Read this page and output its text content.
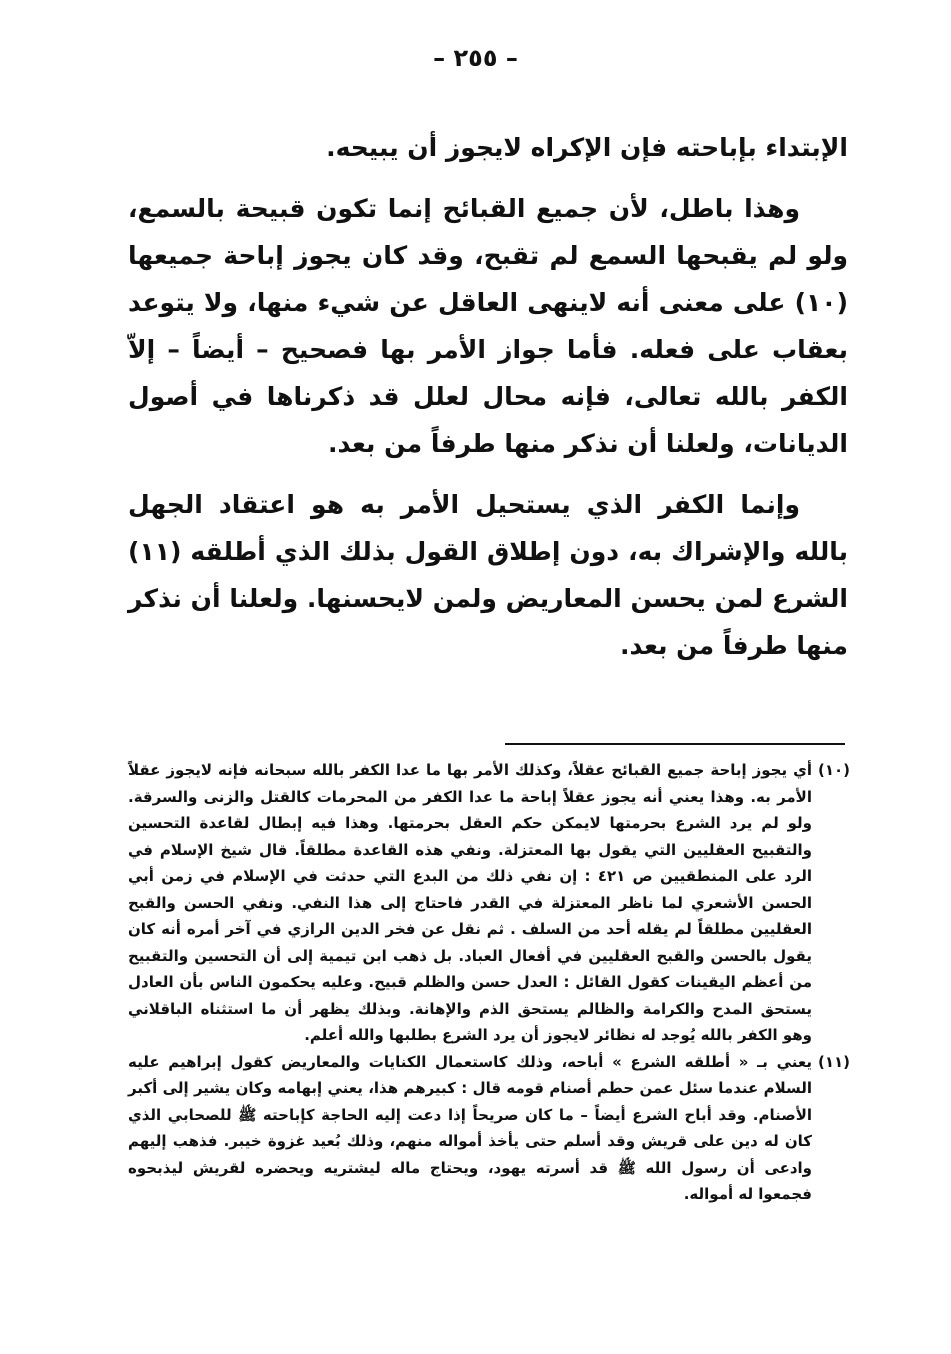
– ٢٥٥ –

الإبتداء بإباحته فإن الإكراه لايجوز أن يبيحه.

وهذا باطل، لأن جميع القبائح إنما تكون قبيحة بالسمع، ولو لم يقبحها السمع لم تقبح، وقد كان يجوز إباحة جميعها (١٠) على معنى أنه لاينهى العاقل عن شيء منها، ولا يتوعد بعقاب على فعله. فأما جواز الأمر بها فصحيح – أيضاً – إلاّ الكفر بالله تعالى، فإنه محال لعلل قد ذكرناها في أصول الديانات، ولعلنا أن نذكر منها طرفاً من بعد.

وإنما الكفر الذي يستحيل الأمر به هو اعتقاد الجهل بالله والإشراك به، دون إطلاق القول بذلك الذي أطلقه (١١) الشرع لمن يحسن المعاريض ولمن لايحسنها. ولعلنا أن نذكر منها طرفاً من بعد.

(١٠)
أي يجوز إباحة جميع القبائح عقلاً، وكذلك الأمر بها ما عدا الكفر بالله سبحانه فإنه لايجوز عقلاً الأمر به. وهذا يعني أنه يجوز عقلاً إباحة ما عدا الكفر من المحرمات كالقتل والزنى والسرقة. ولو لم يرد الشرع بحرمتها لايمكن حكم العقل بحرمتها. وهذا فيه إبطال لقاعدة التحسين والتقبيح العقليين التي يقول بها المعتزلة. ونفي هذه القاعدة مطلقاً. قال شيخ الإسلام في الرد على المنطقيين ص ٤٢١ : إن نفي ذلك من البدع التي حدثت في الإسلام في زمن أبي الحسن الأشعري لما ناظر المعتزلة في القدر فاحتاج إلى هذا النفي. ونفي الحسن والقبح العقليين مطلقاً لم يقله أحد من السلف . ثم نقل عن فخر الدين الرازي في آخر أمره أنه كان يقول بالحسن والقبح العقليين في أفعال العباد. بل ذهب ابن تيمية إلى أن التحسين والتقبيح من أعظم اليقينات كقول القائل : العدل حسن والظلم قبيح. وعليه يحكمون الناس بأن العادل يستحق المدح والكرامة والظالم يستحق الذم والإهانة. وبذلك يظهر أن ما استثناه الباقلاني وهو الكفر بالله يُوجد له نظائر لايجوز أن يرد الشرع بطلبها والله أعلم.

(١١)
يعني بـ « أطلقه الشرع » أباحه، وذلك كاستعمال الكنايات والمعاريض كقول إبراهيم عليه السلام عندما سئل عمن حطم أصنام قومه قال : كبيرهم هذا، يعني إبهامه وكان يشير إلى أكبر الأصنام. وقد أباح الشرع أيضاً – ما كان صريحاً إذا دعت إليه الحاجة كإباحته ﷺ للصحابي الذي كان له دين على قريش وقد أسلم حتى يأخذ أمواله منهم، وذلك بُعيد غزوة خيبر. فذهب إليهم وادعى أن رسول الله ﷺ قد أسرته يهود، ويحتاج ماله ليشتريه ويحضره لقريش ليذبحوه فجمعوا له أمواله.
